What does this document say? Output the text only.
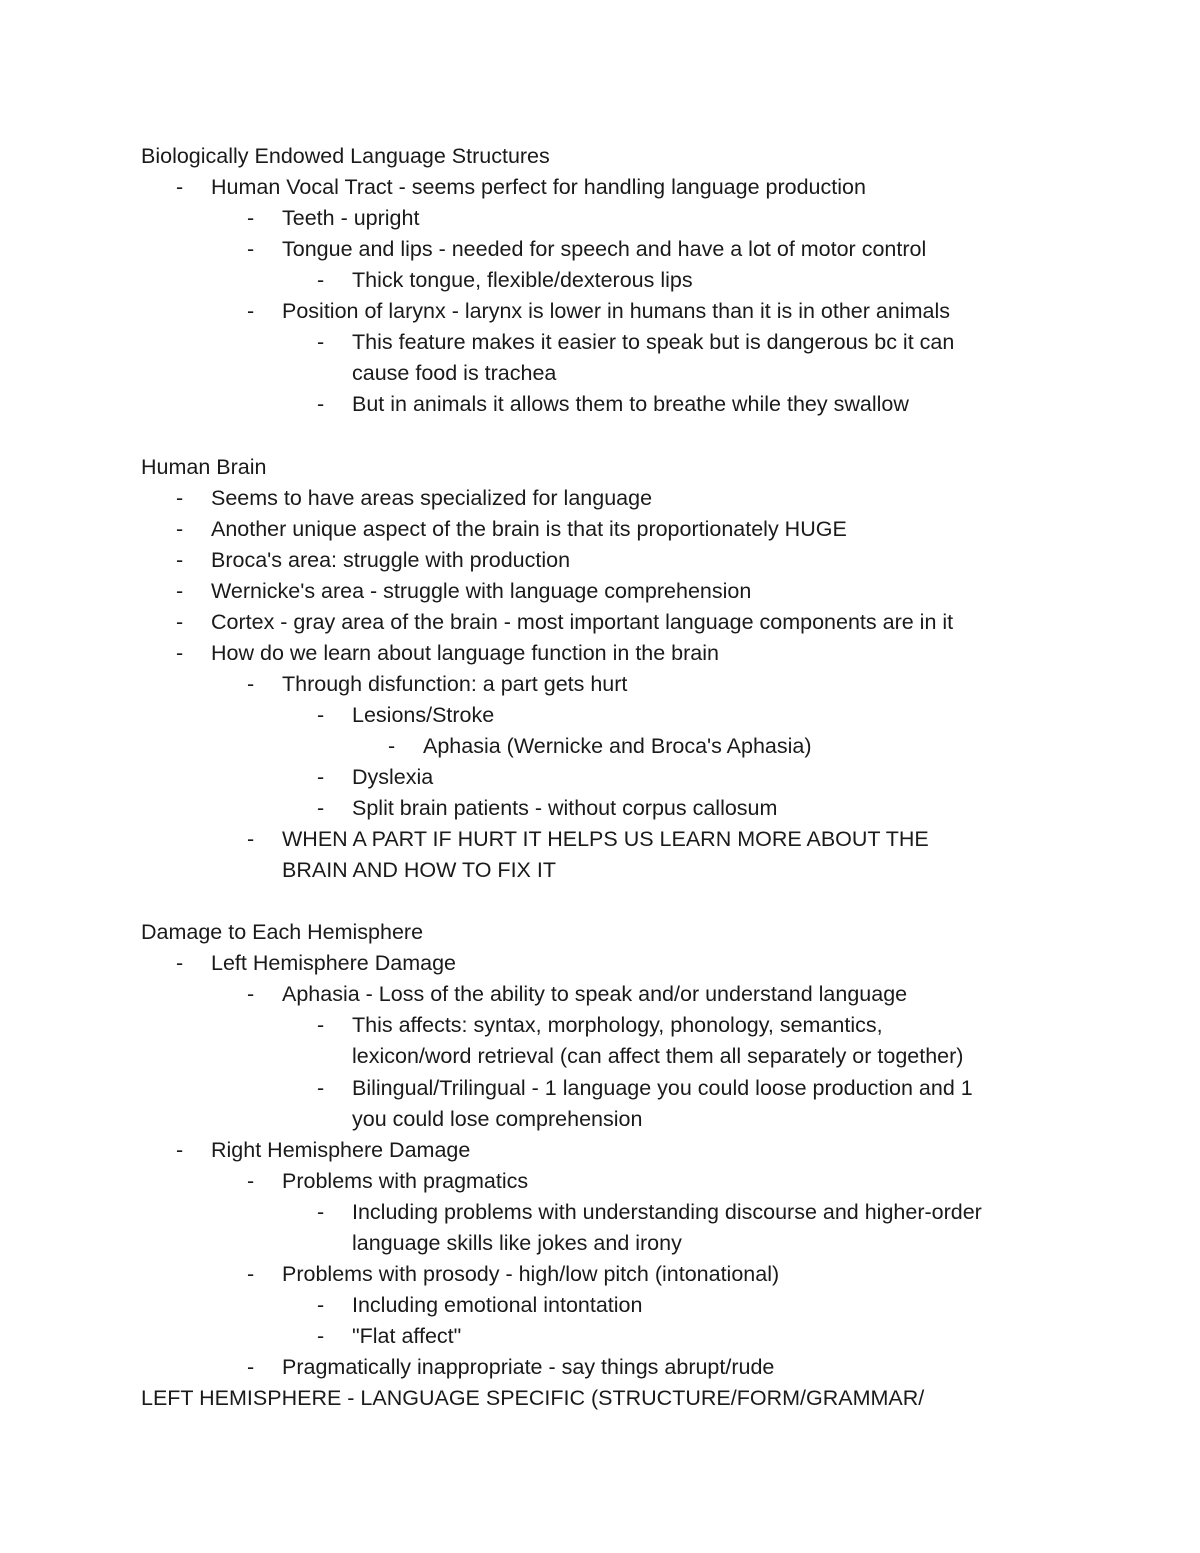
Biologically Endowed Language Structures
- Human Vocal Tract - seems perfect for handling language production
- Teeth - upright
- Tongue and lips - needed for speech and have a lot of motor control
- Thick tongue, flexible/dexterous lips
- Position of larynx - larynx is lower in humans than it is in other animals
- This feature makes it easier to speak but is dangerous bc it can
cause food is trachea
- But in animals it allows them to breathe while they swallow
Human Brain
- Seems to have areas specialized for language
- Another unique aspect of the brain is that its proportionately HUGE
- Broca's area: struggle with production
- Wernicke's area - struggle with language comprehension
- Cortex - gray area of the brain - most important language components are in it
- How do we learn about language function in the brain
- Through disfunction: a part gets hurt
- Lesions/Stroke
- Aphasia (Wernicke and Broca's Aphasia)
- Dyslexia
- Split brain patients - without corpus callosum
- WHEN A PART IF HURT IT HELPS US LEARN MORE ABOUT THE
BRAIN AND HOW TO FIX IT
Damage to Each Hemisphere
- Left Hemisphere Damage
- Aphasia - Loss of the ability to speak and/or understand language
- This affects: syntax, morphology, phonology, semantics,
lexicon/word retrieval (can affect them all separately or together)
- Bilingual/Trilingual - 1 language you could loose production and 1
you could lose comprehension
- Right Hemisphere Damage
- Problems with pragmatics
- Including problems with understanding discourse and higher-order
language skills like jokes and irony
- Problems with prosody - high/low pitch (intonational)
- Including emotional intontation
- "Flat affect"
- Pragmatically inappropriate - say things abrupt/rude
LEFT HEMISPHERE - LANGUAGE SPECIFIC (STRUCTURE/FORM/GRAMMAR/
